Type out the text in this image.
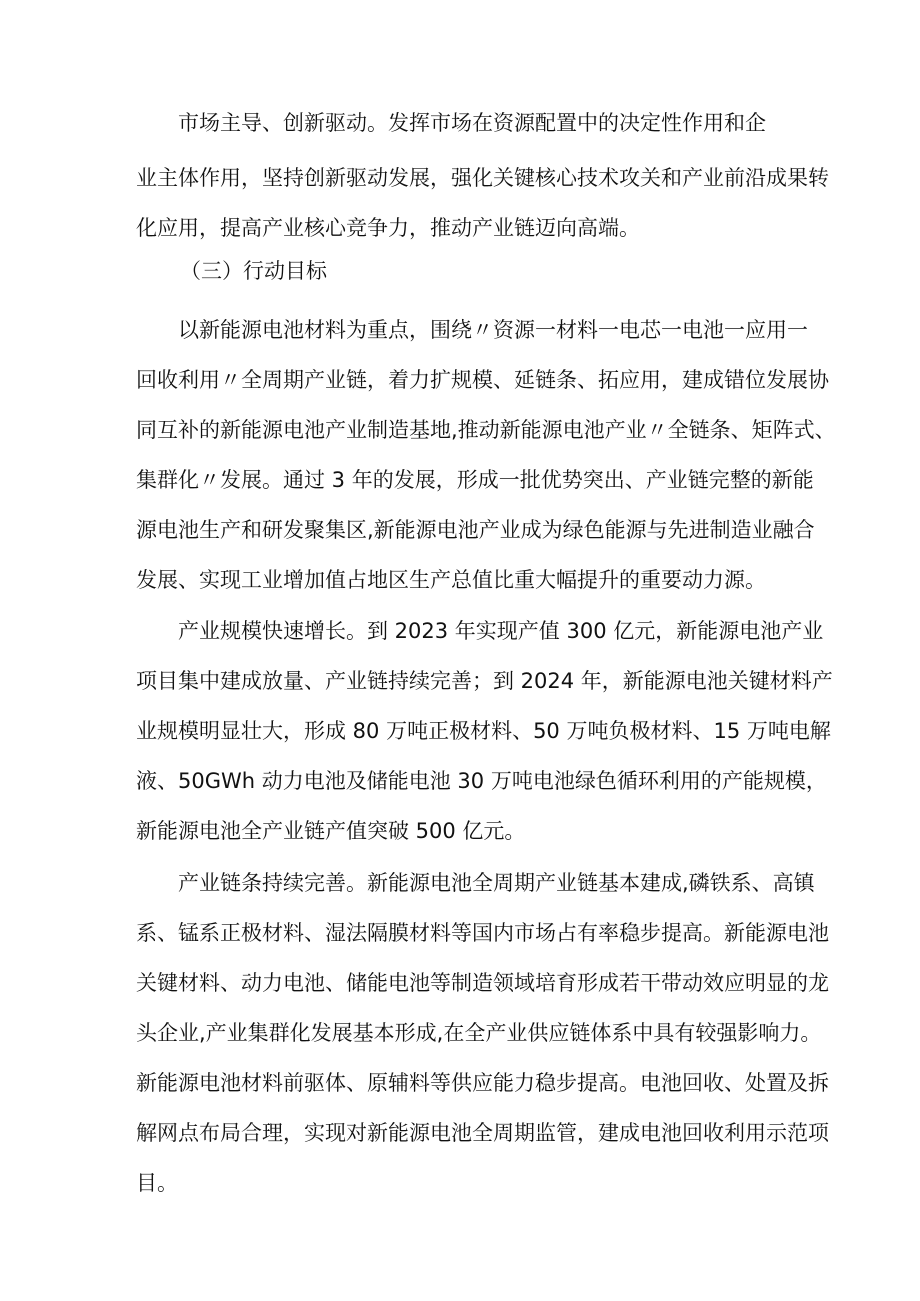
市场主导、创新驱动。发挥市场在资源配置中的决定性作用和企
业主体作用，坚持创新驱动发展，强化关键核心技术攻关和产业前沿成果转
化应用，提高产业核心竞争力，推动产业链迈向高端。
（三）行动目标
以新能源电池材料为重点，围绕〃资源一材料一电芯一电池一应用一
回收利用〃全周期产业链，着力扩规模、延链条、拓应用，建成错位发展协
同互补的新能源电池产业制造基地,推动新能源电池产业〃全链条、矩阵式、
集群化〃发展。通过 3 年的发展，形成一批优势突出、产业链完整的新能
源电池生产和研发聚集区,新能源电池产业成为绿色能源与先进制造业融合
发展、实现工业增加值占地区生产总值比重大幅提升的重要动力源。
产业规模快速增长。到 2023 年实现产值 300 亿元，新能源电池产业
项目集中建成放量、产业链持续完善；到 2024 年，新能源电池关键材料产
业规模明显壮大，形成 80 万吨正极材料、50 万吨负极材料、15 万吨电解
液、50GWh 动力电池及储能电池 30 万吨电池绿色循环利用的产能规模，
新能源电池全产业链产值突破 500 亿元。
产业链条持续完善。新能源电池全周期产业链基本建成,磷铁系、高镇
系、锰系正极材料、湿法隔膜材料等国内市场占有率稳步提高。新能源电池
关键材料、动力电池、储能电池等制造领域培育形成若干带动效应明显的龙
头企业,产业集群化发展基本形成,在全产业供应链体系中具有较强影响力。
新能源电池材料前驱体、原辅料等供应能力稳步提高。电池回收、处置及拆
解网点布局合理，实现对新能源电池全周期监管，建成电池回收利用示范项
目。
